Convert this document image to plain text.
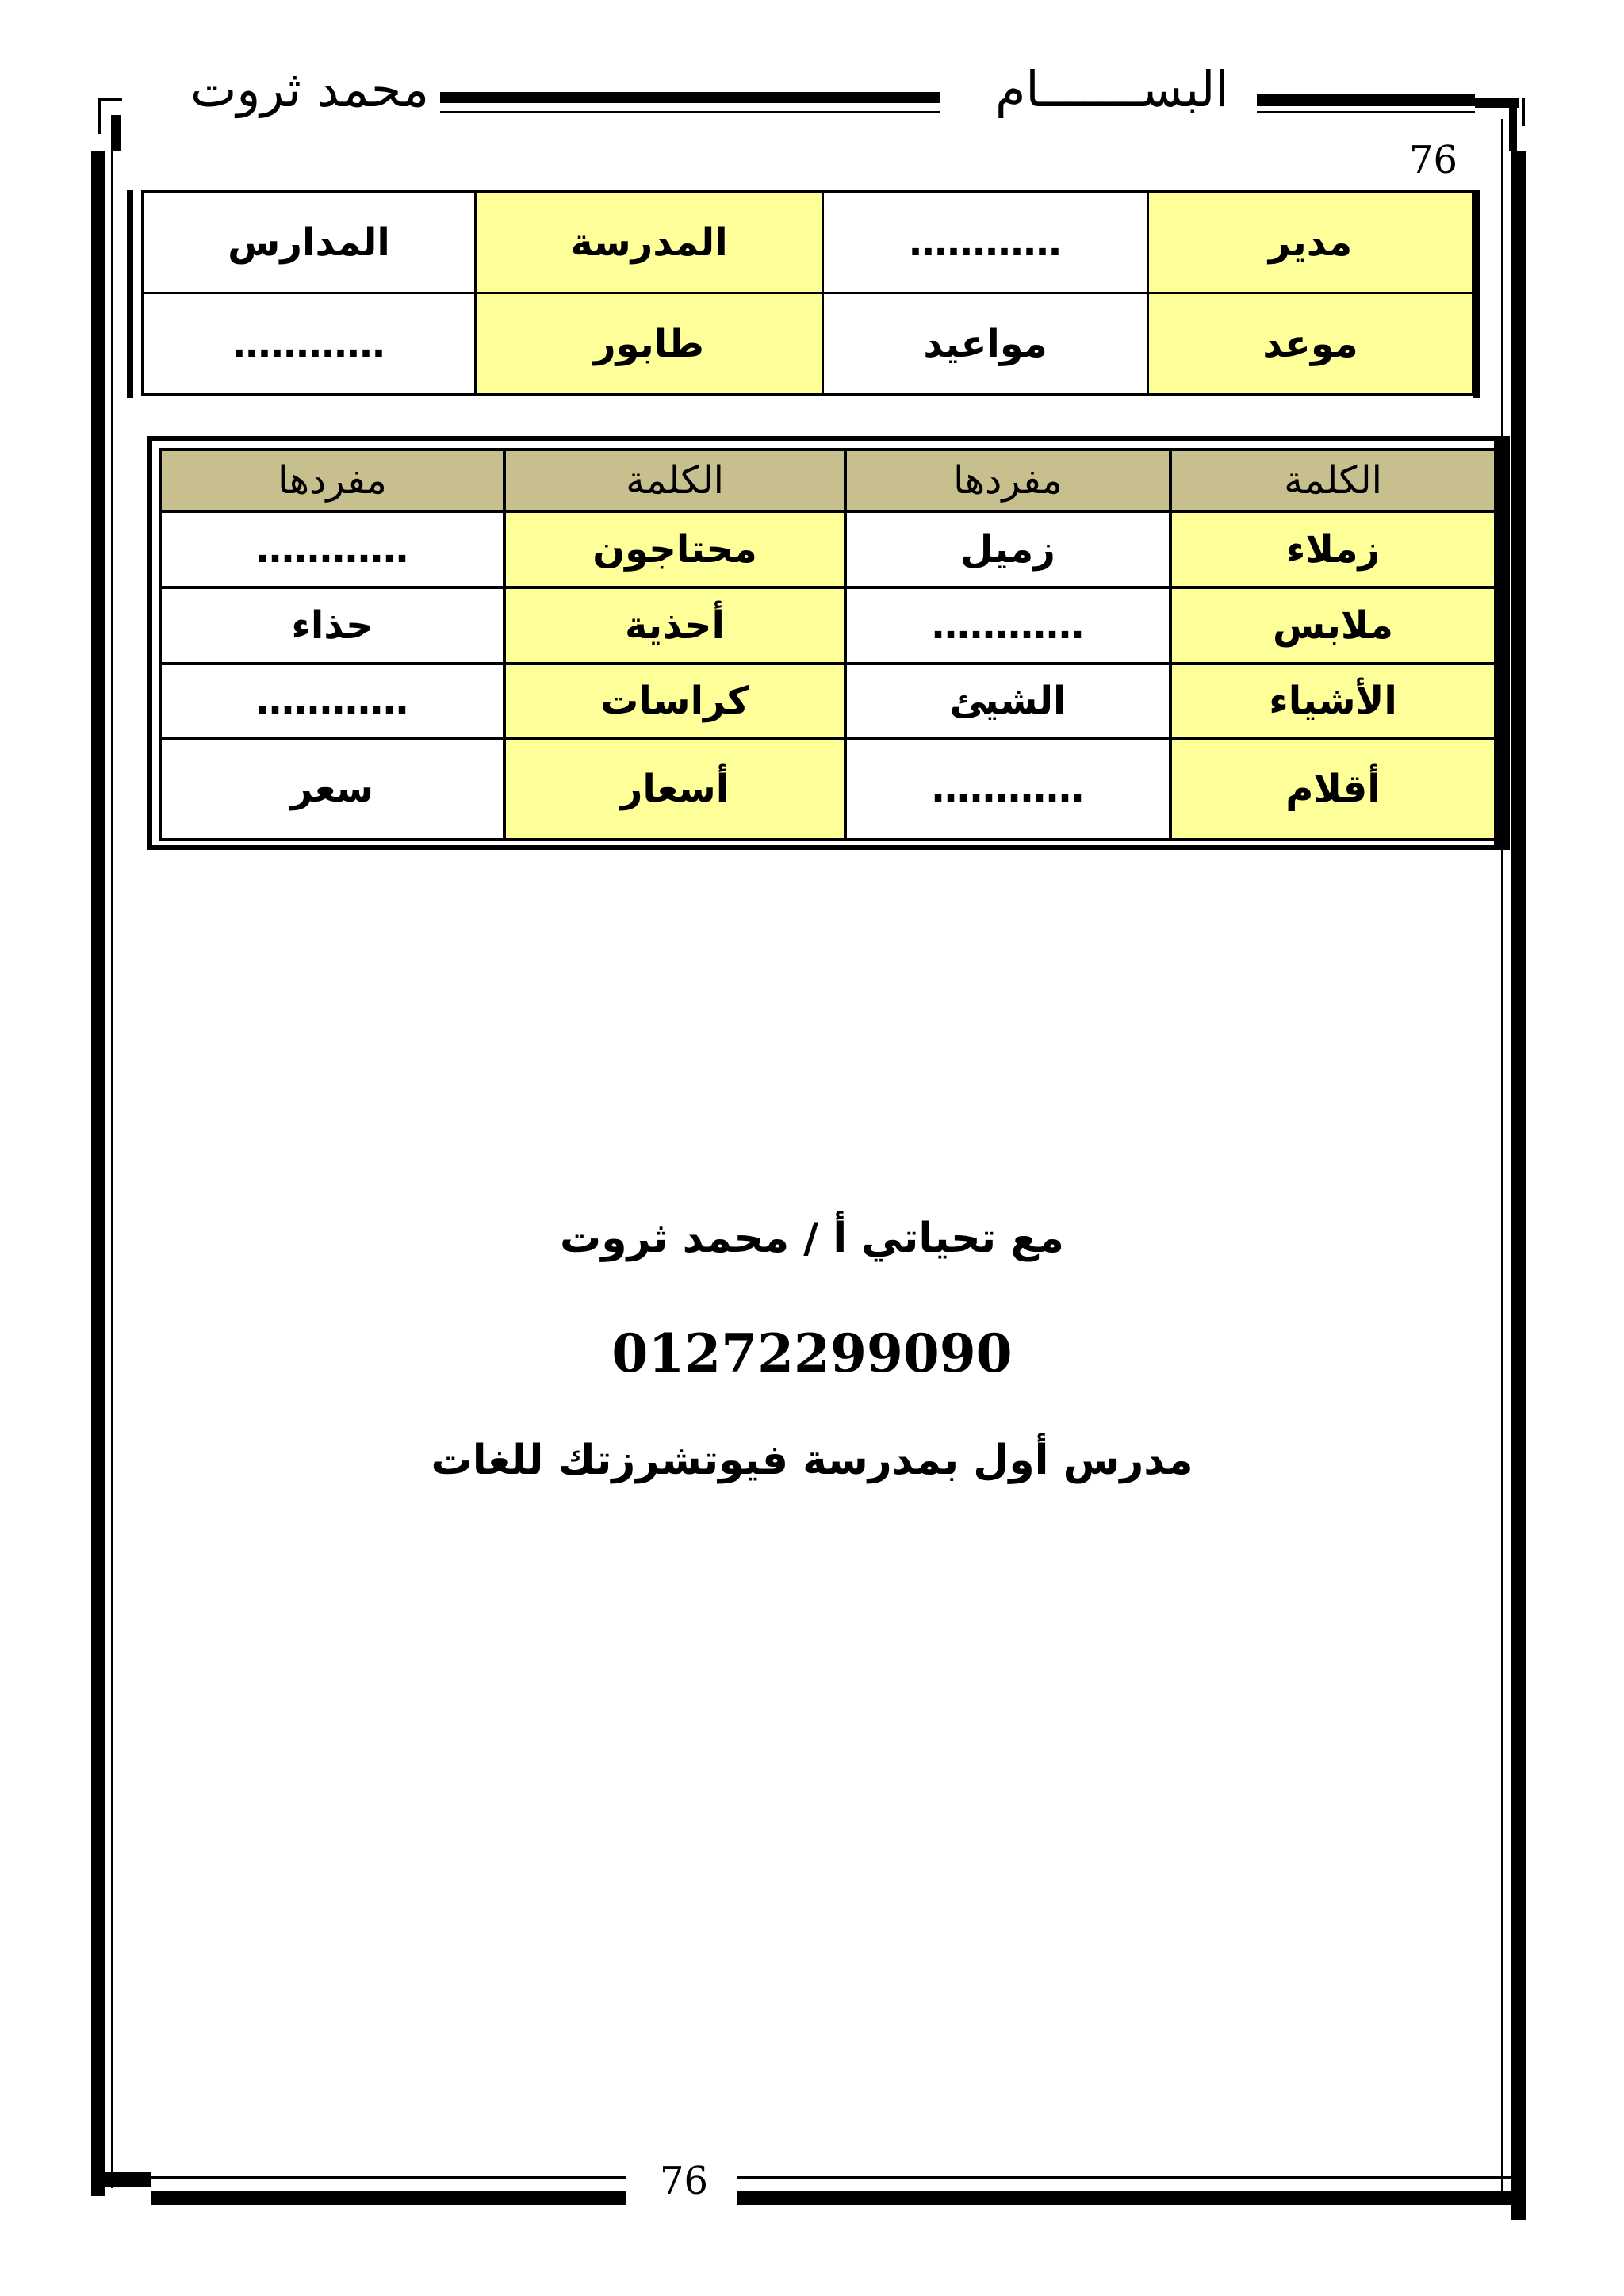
محمد ثروت	البســـــــام
76
مدير	…………	المدرسة	المدارس
موعد	مواعيد	طابور	…………
الكلمة	مفردها	الكلمة	مفردها
زملاء	زميل	محتاجون	…………
ملابس	…………	أحذية	حذاء
الأشياء	الشيئ	كراسات	…………
أقلام	…………	أسعار	سعر
مع تحياتي أ / محمد ثروت
01272299090
مدرس أول بمدرسة فيوتشرزتك للغات
76
